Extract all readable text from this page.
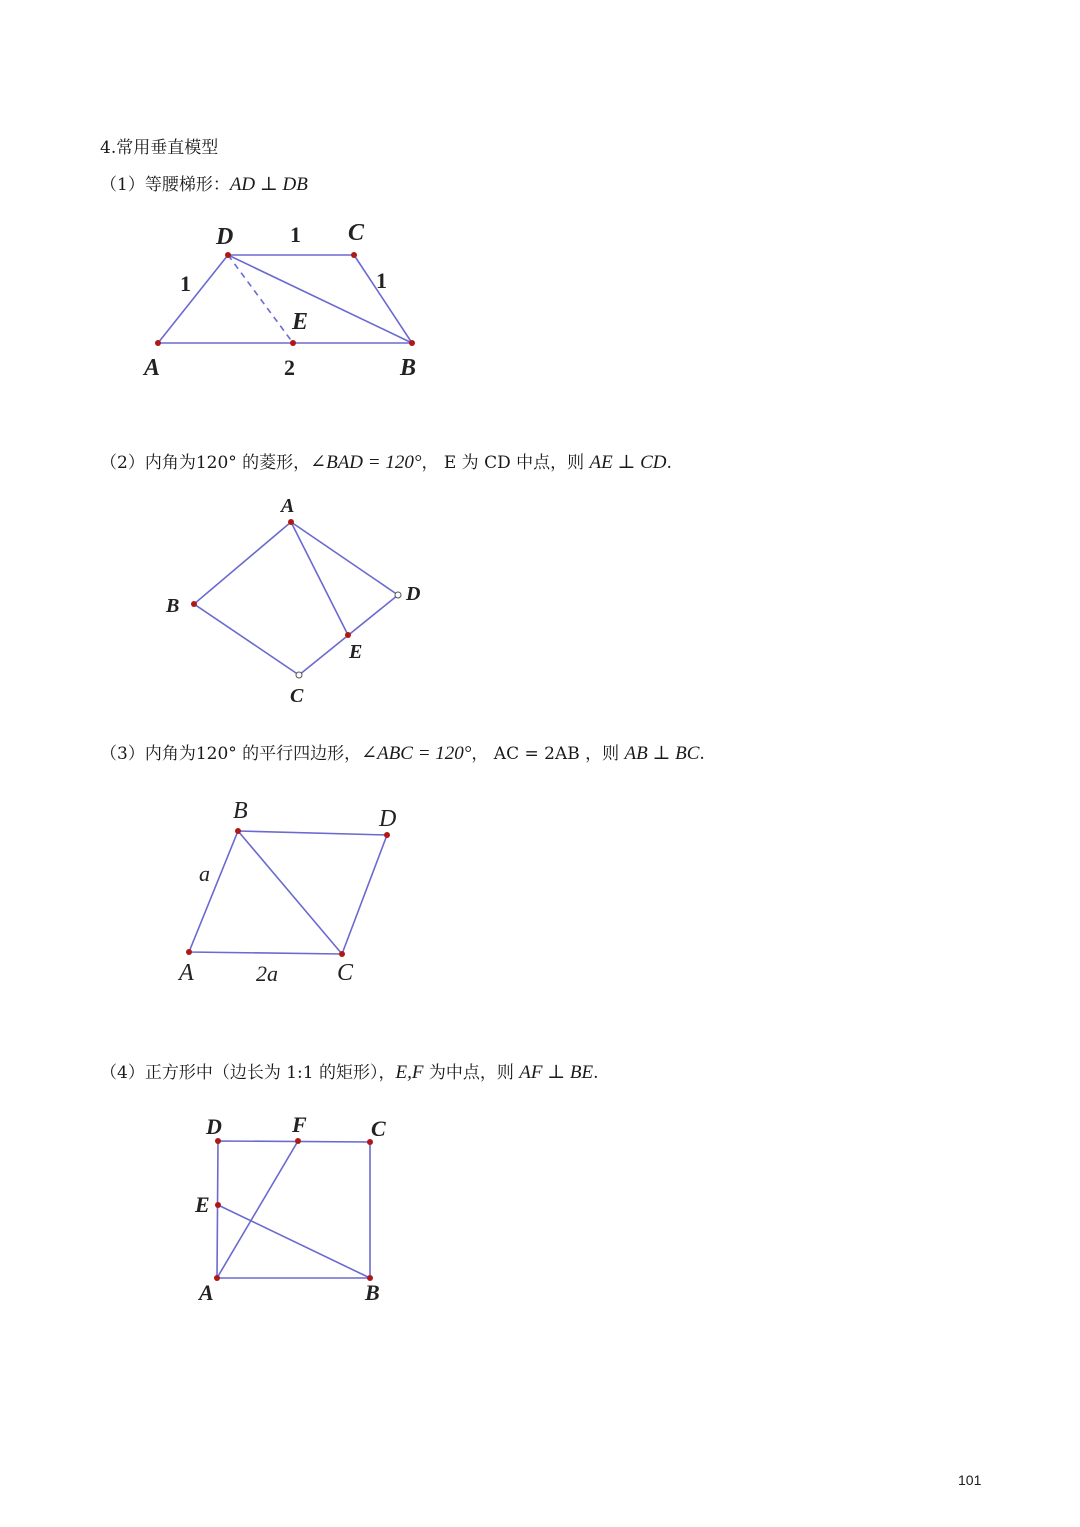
4.常用垂直模型
（1）等腰梯形：AD ⊥ DB
D	C
A	B
E
1
1	1
2
（2）内角为120° 的菱形，∠BAD = 120°， E 为 CD 中点，则 AE ⊥ CD.
A
B
C
D
E
（3）内角为120° 的平行四边形，∠ABC = 120°， AC = 2AB ，则 AB ⊥ BC.
B	D
C
A
a
2a
（4）正方形中（边长为 1:1 的矩形），E,F 为中点，则 AF ⊥ BE.
D	F	C
E
A	B
101
